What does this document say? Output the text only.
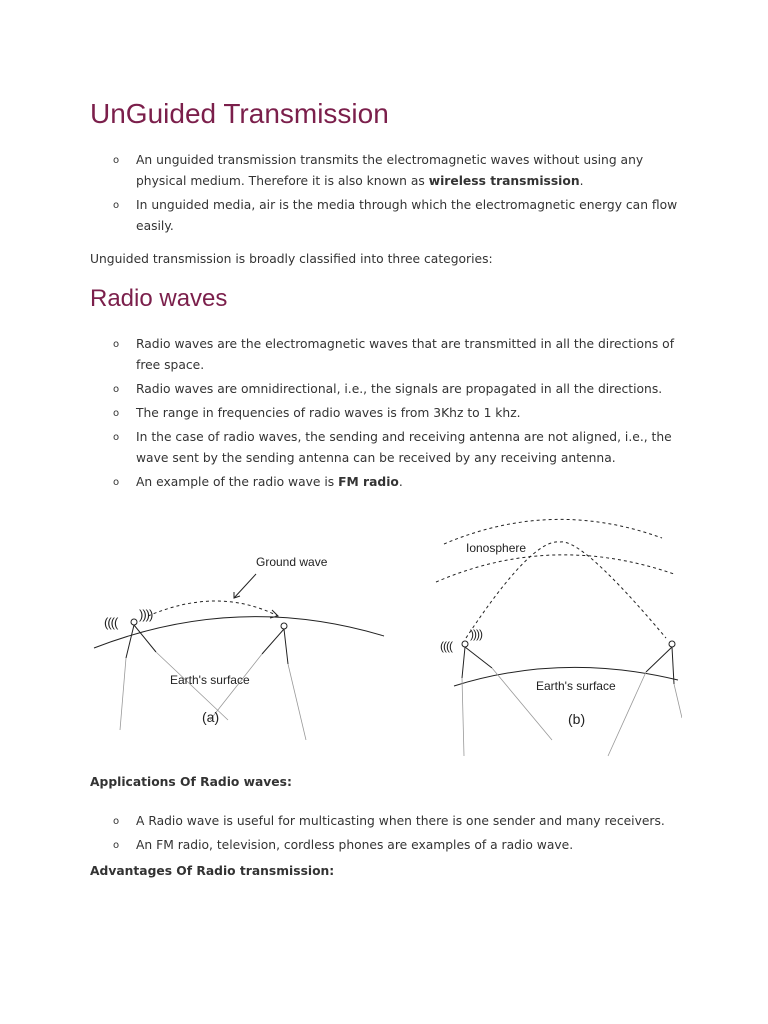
UnGuided Transmission
o An unguided transmission transmits the electromagnetic waves without using any physical medium. Therefore it is also known as wireless transmission.
o In unguided media, air is the media through which the electromagnetic energy can flow easily.

Unguided transmission is broadly classified into three categories:

Radio waves
o Radio waves are the electromagnetic waves that are transmitted in all the directions of free space.
o Radio waves are omnidirectional, i.e., the signals are propagated in all the directions.
o The range in frequencies of radio waves is from 3Khz to 1 khz.
o In the case of radio waves, the sending and receiving antenna are not aligned, i.e., the wave sent by the sending antenna can be received by any receiving antenna.
o An example of the radio wave is FM radio.
((((
))))
Ground wave
Earth's surface
(a)
((((
))))
Ionosphere
Earth's surface
(b)

Applications Of Radio waves:

o A Radio wave is useful for multicasting when there is one sender and many receivers.
o An FM radio, television, cordless phones are examples of a radio wave.

Advantages Of Radio transmission:
